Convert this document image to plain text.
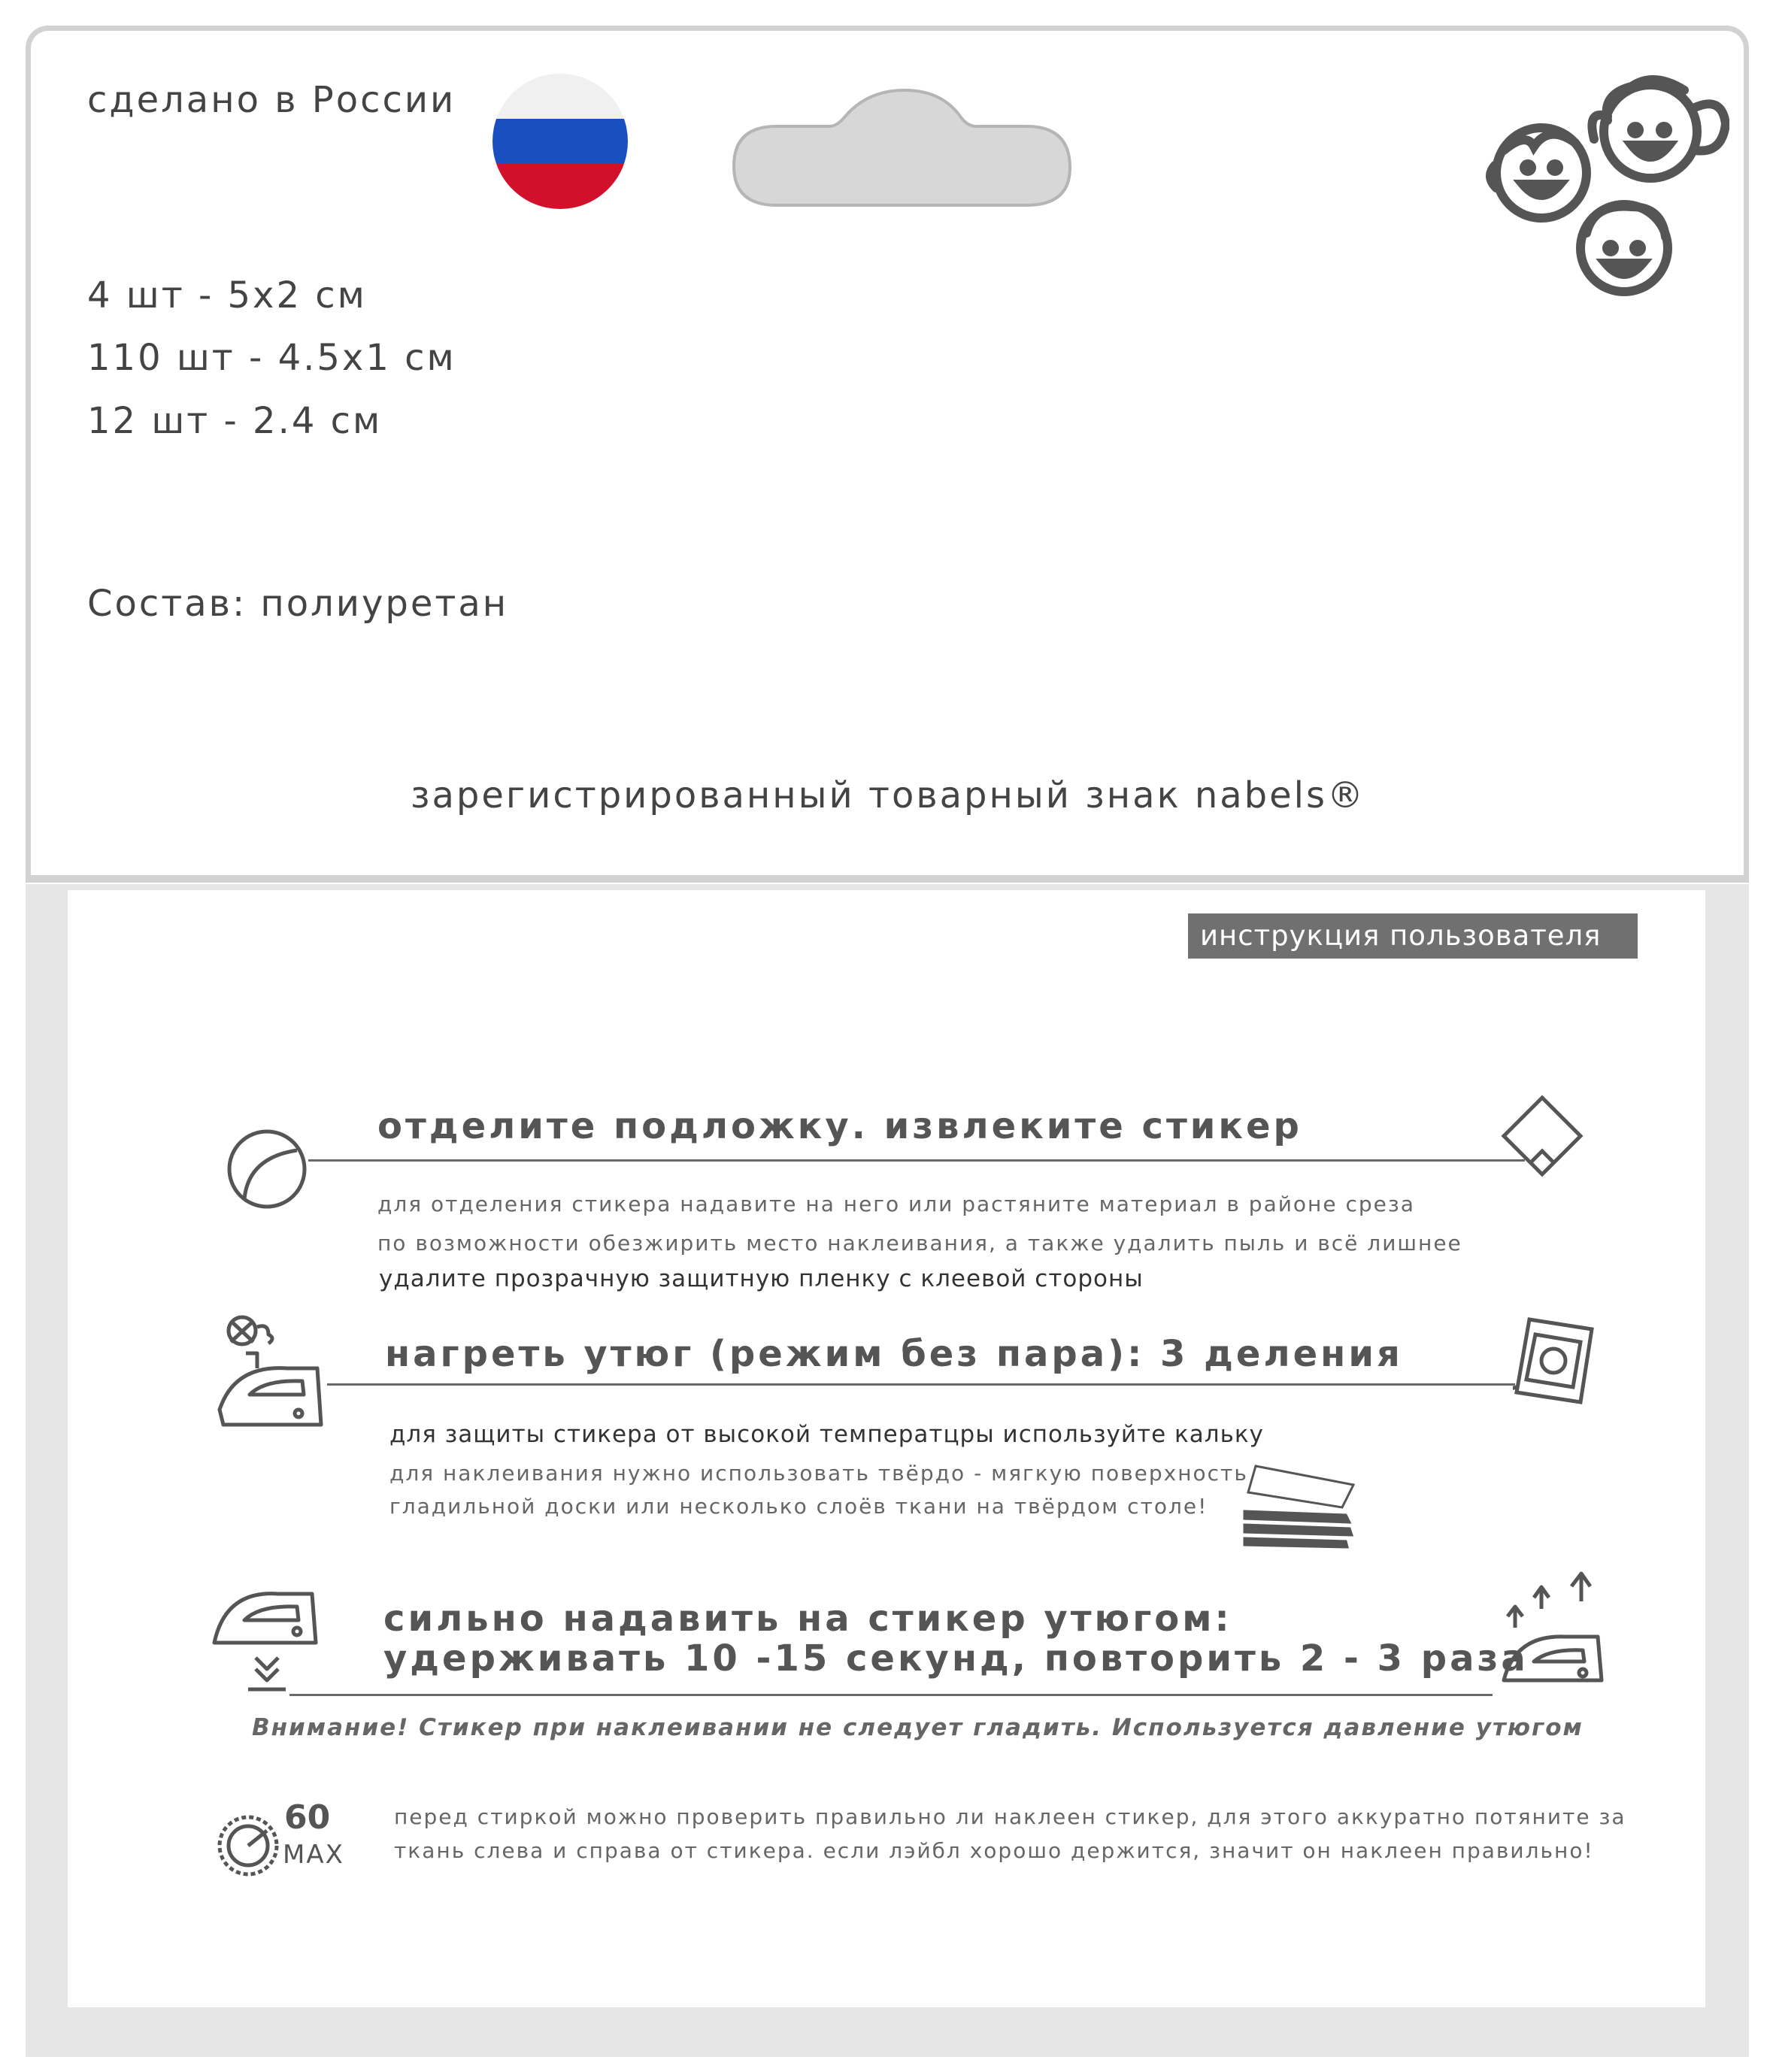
сделано в России
4 шт - 5х2 см
110 шт - 4.5х1 см
12 шт - 2.4 см
Состав: полиуретан
зарегистрированный товарный знак nabels®
инструкция пользователя
отделите подложку. извлеките стикер
для отделения стикера надавите на него или растяните материал в районе среза
по возможности обезжирить место наклеивания, а также удалить пыль и всё лишнее
удалите прозрачную защитную пленку с клеевой стороны
нагреть утюг (режим без пара): 3 деления
для защиты стикера от высокой температцры используйте кальку
для наклеивания нужно использовать твёрдо - мягкую поверхность
гладильной доски или несколько слоёв ткани на твёрдом столе!
сильно надавить на стикер утюгом:
удерживать 10 -15 секунд, повторить 2 - 3 раза
Внимание! Стикер при наклеивании не следует гладить. Используется давление утюгом
60
MAX
перед стиркой можно проверить правильно ли наклеен стикер, для этого аккуратно потяните за
ткань слева и справа от стикера. если лэйбл хорошо держится, значит он наклеен правильно!
